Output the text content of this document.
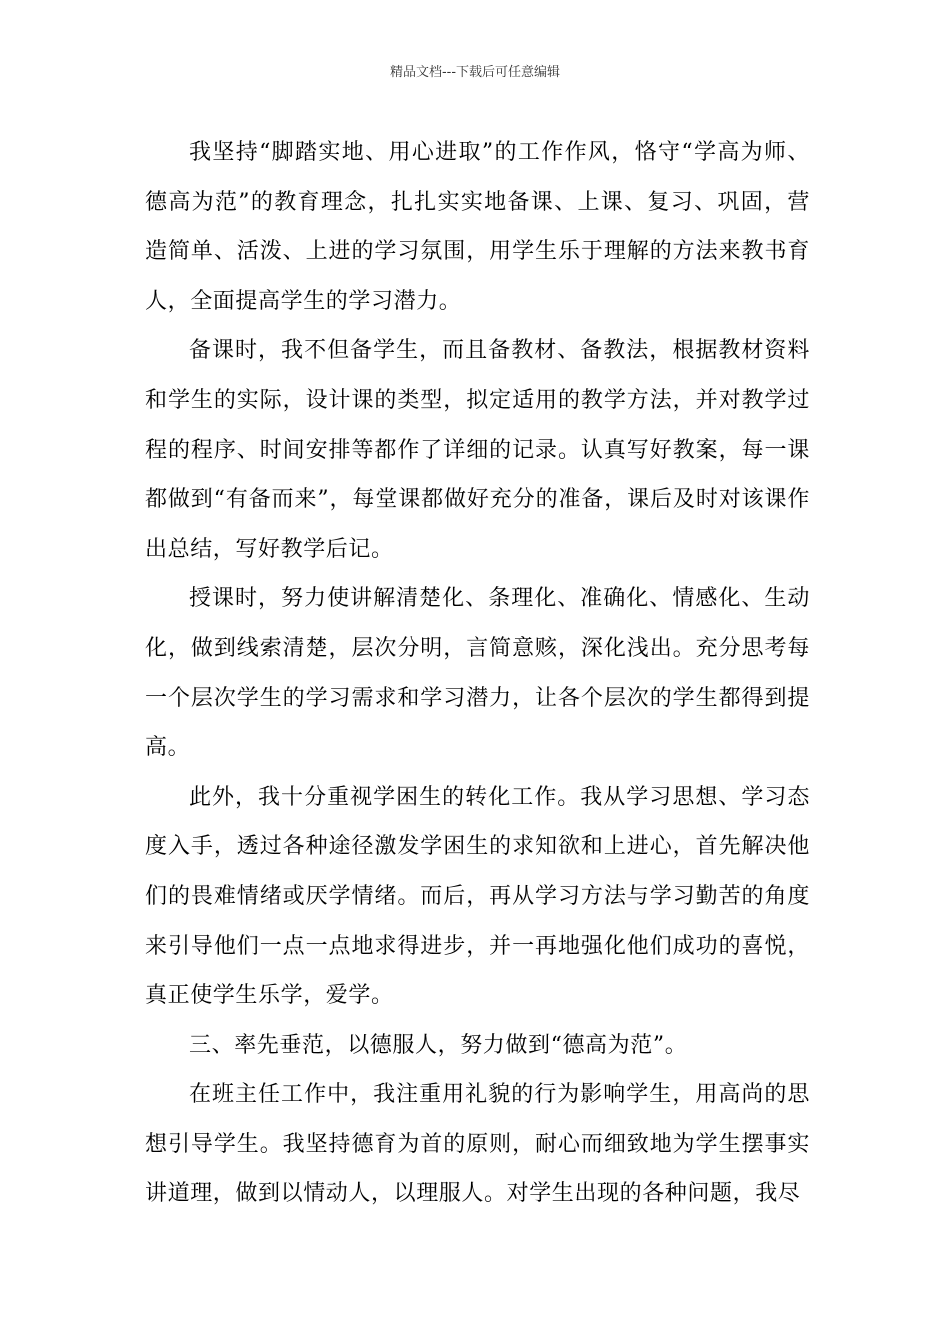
精品文档---下载后可任意编辑

我坚持“脚踏实地、用心进取”的工作作风，恪守“学高为师、德高为范”的教育理念，扎扎实实地备课、上课、复习、巩固，营造简单、活泼、上进的学习氛围，用学生乐于理解的方法来教书育人，全面提高学生的学习潜力。

备课时，我不但备学生，而且备教材、备教法，根据教材资料和学生的实际，设计课的类型，拟定适用的教学方法，并对教学过程的程序、时间安排等都作了详细的记录。认真写好教案，每一课都做到“有备而来”，每堂课都做好充分的准备，课后及时对该课作出总结，写好教学后记。

授课时，努力使讲解清楚化、条理化、准确化、情感化、生动化，做到线索清楚，层次分明，言简意赅，深化浅出。充分思考每一个层次学生的学习需求和学习潜力，让各个层次的学生都得到提高。

此外，我十分重视学困生的转化工作。我从学习思想、学习态度入手，透过各种途径激发学困生的求知欲和上进心，首先解决他们的畏难情绪或厌学情绪。而后，再从学习方法与学习勤苦的角度来引导他们一点一点地求得进步，并一再地强化他们成功的喜悦，真正使学生乐学，爱学。

三、率先垂范，以德服人，努力做到“德高为范”。

在班主任工作中，我注重用礼貌的行为影响学生，用高尚的思想引导学生。我坚持德育为首的原则，耐心而细致地为学生摆事实讲道理，做到以情动人，以理服人。对学生出现的各种问题，我尽
